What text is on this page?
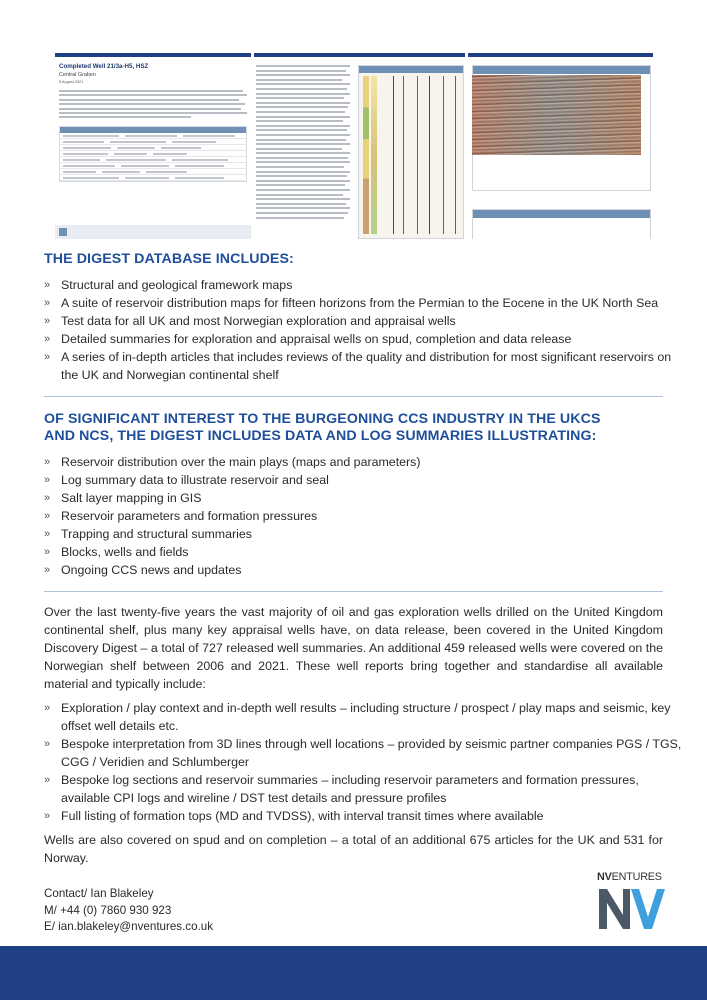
Completed Well 21/3a-H5, HSZ
Central Graben
5 August 2021
THE DIGEST DATABASE INCLUDES:
» Structural and geological framework maps
» A suite of reservoir distribution maps for fifteen horizons from the Permian to the Eocene in the UK North Sea
» Test data for all UK and most Norwegian exploration and appraisal wells
» Detailed summaries for exploration and appraisal wells on spud, completion and data release
» A series of in-depth articles that includes reviews of the quality and distribution for most significant reservoirs on the UK and Norwegian continental shelf
OF SIGNIFICANT INTEREST TO THE BURGEONING CCS INDUSTRY IN THE UKCS
AND NCS, THE DIGEST INCLUDES DATA AND LOG SUMMARIES ILLUSTRATING:
» Reservoir distribution over the main plays (maps and parameters)
» Log summary data to illustrate reservoir and seal
» Salt layer mapping in GIS
» Reservoir parameters and formation pressures
» Trapping and structural summaries
» Blocks, wells and fields
» Ongoing CCS news and updates

Over the last twenty-five years the vast majority of oil and gas exploration wells drilled on the United Kingdom continental shelf, plus many key appraisal wells have, on data release, been covered in the United Kingdom Discovery Digest – a total of 727 released well summaries. An additional 459 released wells were covered on the Norwegian shelf between 2006 and 2021. These well reports bring together and standardise all available material and typically include:

» Exploration / play context and in-depth well results – including structure / prospect / play maps and seismic, key offset well details etc.
» Bespoke interpretation from 3D lines through well locations – provided by seismic partner companies PGS / TGS, CGG / Veridien and Schlumberger
» Bespoke log sections and reservoir summaries – including reservoir parameters and formation pressures, available CPI logs and wireline / DST test details and pressure profiles
» Full listing of formation tops (MD and TVDSS), with interval transit times where available

Wells are also covered on spud and on completion – a total of an additional 675 articles for the UK and 531 for Norway.

Contact/ Ian Blakeley
M/ +44 (0) 7860 930 923
E/ ian.blakeley@nventures.co.uk
NVENTURES
